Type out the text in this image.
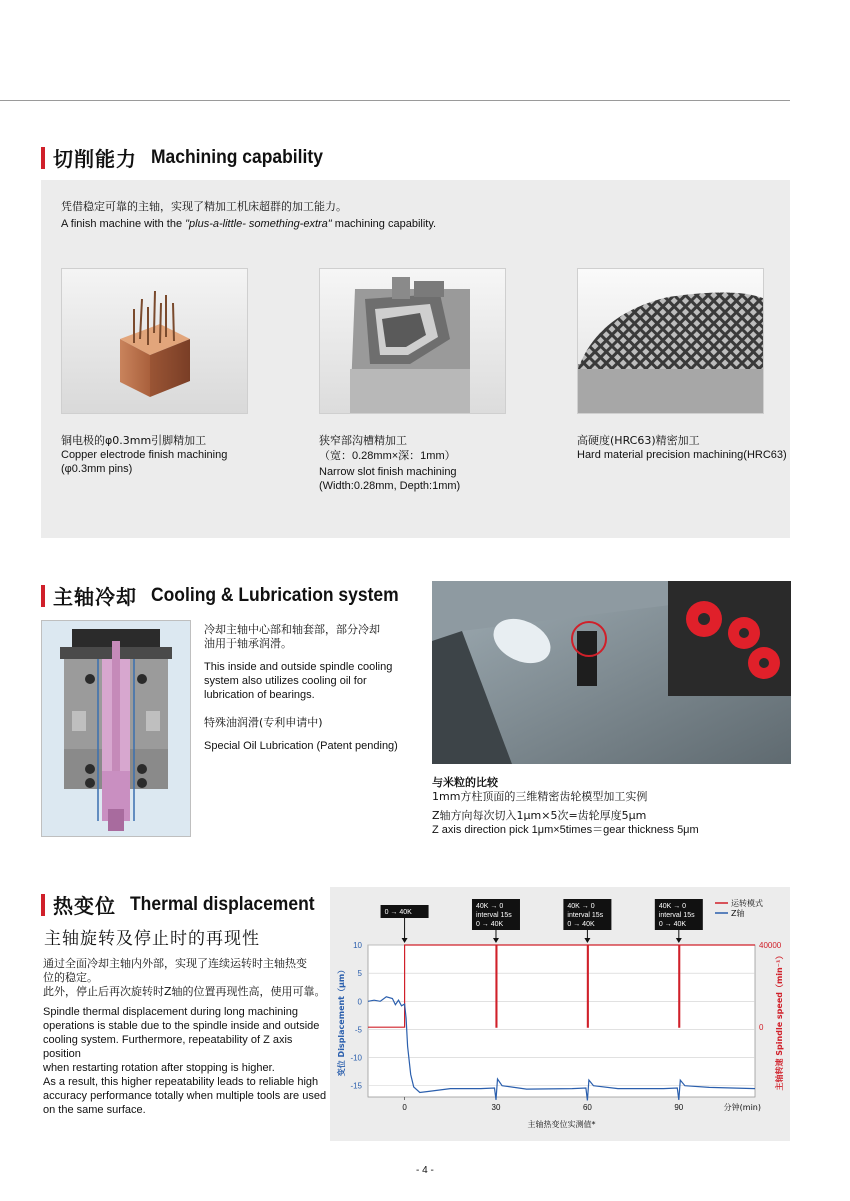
切削能力 Machining capability
凭借稳定可靠的主轴，实现了精加工机床超群的加工能力。
A finish machine with the "plus-a-little- something-extra" machining capability.
铜电极的φ0.3mm引脚精加工
Copper electrode finish machining
(φ0.3mm pins)
狭窄部沟槽精加工
（宽：0.28mm×深：1mm）
Narrow slot finish machining
(Width:0.28mm, Depth:1mm)
高硬度(HRC63)精密加工
Hard material precision machining(HRC63)
主轴冷却 Cooling & Lubrication system
冷却主轴中心部和轴套部，部分冷却
油用于轴承润滑。
This inside and outside spindle cooling
system also utilizes cooling oil for
lubrication of bearings.
特殊油润滑(专利申请中)
Special Oil Lubrication (Patent pending)
与米粒的比较
1mm方柱顶面的三维精密齿轮模型加工实例
Z轴方向每次切入1μm×5次=齿轮厚度5μm
Z axis direction pick 1μm×5times＝gear thickness 5μm
热变位 Thermal displacement
主轴旋转及停止时的再现性
通过全面冷却主轴内外部，实现了连续运转时主轴热变
位的稳定。
此外，停止后再次旋转时Z轴的位置再现性高，使用可靠。
Spindle thermal displacement during long machining
operations is stable due to the spindle inside and outside
cooling system. Furthermore, repeatability of Z axis position
when restarting rotation after stopping is higher.
As a result, this higher repeatability leads to reliable high
accuracy performance totally when multiple tools are used
on the same surface.
10
5
0
-5
-10
-15
40000
0
0	30	60	90	分钟(min)
主轴热变位实测值*
变位 Displacement（μm）	主轴转速 Spindle speed（min⁻¹）
0 → 40K
40K → 0
interval 15s
0 → 40K
40K → 0
interval 15s
0 → 40K
40K → 0
interval 15s
0 → 40K
运转模式
Z轴
- 4 -
